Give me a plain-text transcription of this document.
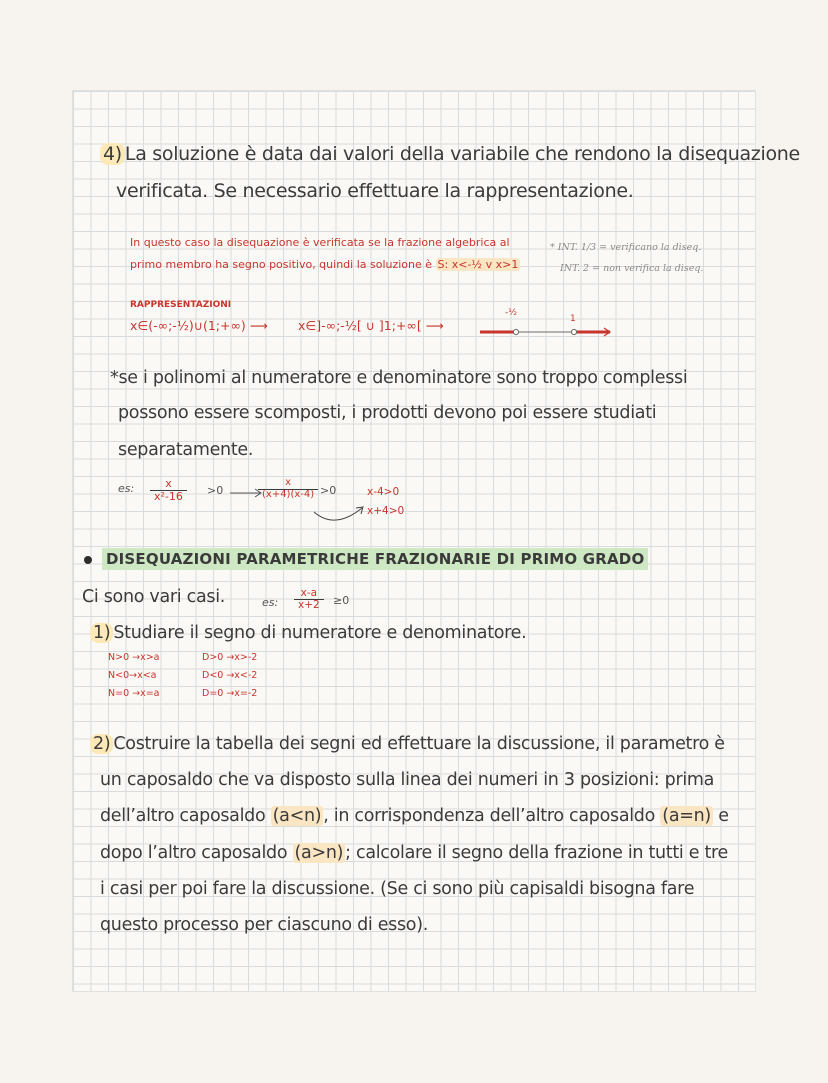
4) La soluzione è data dai valori della variabile che rendono la disequazione
verificata. Se necessario effettuare la rappresentazione.
In questo caso la disequazione è verificata se la frazione algebrica al
primo membro ha segno positivo, quindi la soluzione è S: x<-½ v x>1
* INT. 1/3 = verificano la diseq.
INT. 2 = non verifica la diseq.
RAPPRESENTAZIONI
x∈(-∞;-½)∪(1;+∞) ⟶ x∈]-∞;-½[ ∪ ]1;+∞[ ⟶
-½
1
*se i polinomi al numeratore e denominatore sono troppo complessi
possono essere scomposti, i prodotti devono poi essere studiati
separatamente.
es: $\frac{x}{\text{x²-16}} >0$	$\frac{x}{(x+4)(x-4)} >0$	x-4>0
x+4>0
DISEQUAZIONI PARAMETRICHE FRAZIONARIE DI PRIMO GRADO
Ci sono vari casi.	es: $\frac{x-a}{x+2} \ge 0$
1) Studiare il segno di numeratore e denominatore.
N>0 →x>a
N<0→x<a
N=0 →x=a
D>0 →x>-2
D<0 →x<-2
D=0 →x=-2
2) Costruire la tabella dei segni ed effettuare la discussione, il parametro è
un caposaldo che va disposto sulla linea dei numeri in 3 posizioni: prima
dell’altro caposaldo (a<n) , in corrispondenza dell’altro caposaldo (a=n) e
dopo l’altro caposaldo (a>n) ; calcolare il segno della frazione in tutti e tre
i casi per poi fare la discussione. (Se ci sono più capisaldi bisogna fare
questo processo per ciascuno di esso).
